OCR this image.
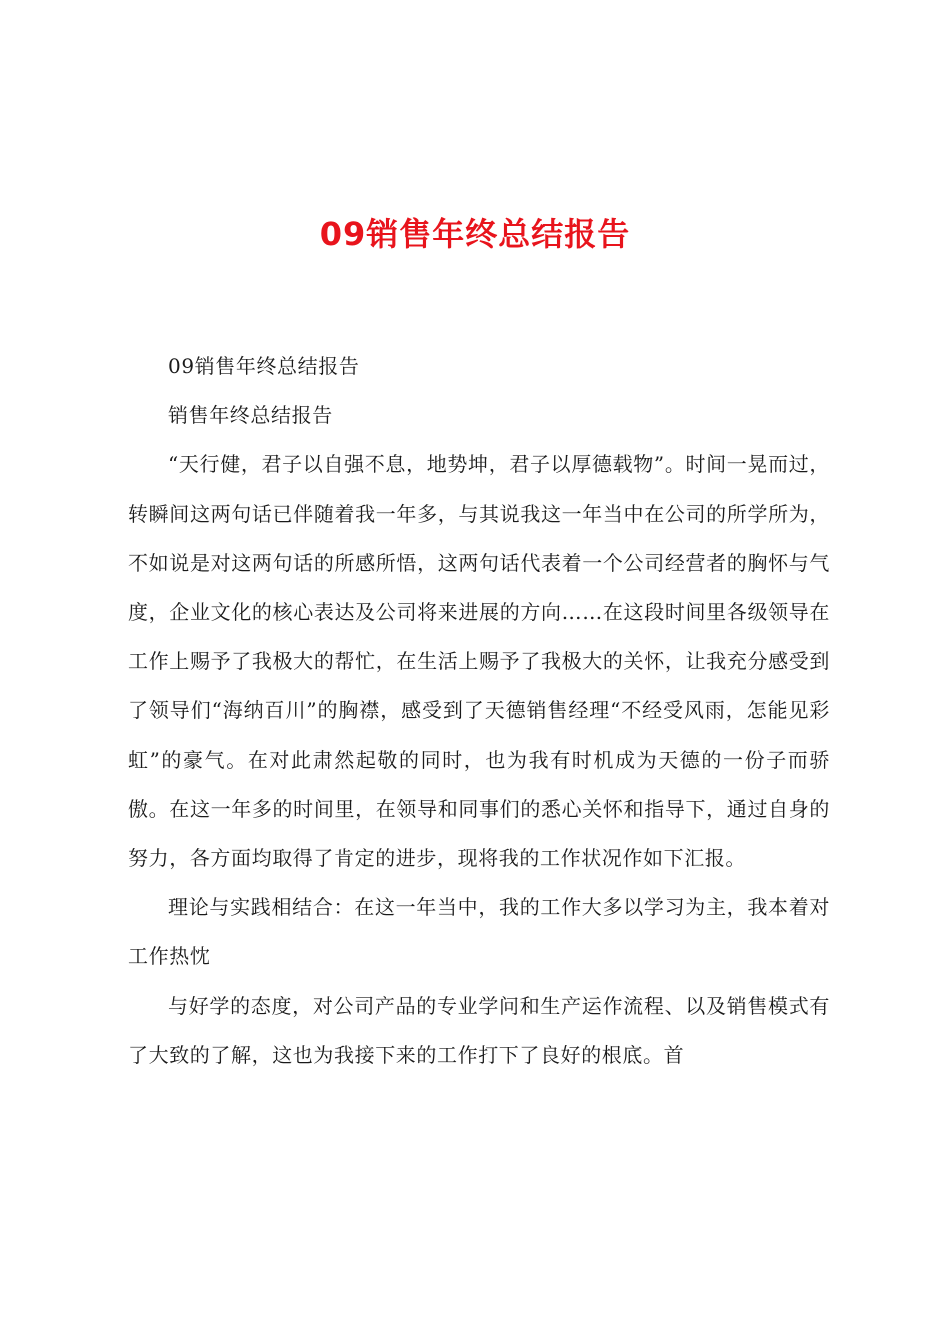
09销售年终总结报告

09销售年终总结报告

销售年终总结报告

“天行健，君子以自强不息，地势坤，君子以厚德载物”。时间一晃而过，转瞬间这两句话已伴随着我一年多，与其说我这一年当中在公司的所学所为，不如说是对这两句话的所感所悟，这两句话代表着一个公司经营者的胸怀与气度，企业文化的核心表达及公司将来进展的方向……在这段时间里各级领导在工作上赐予了我极大的帮忙，在生活上赐予了我极大的关怀，让我充分感受到了领导们“海纳百川”的胸襟，感受到了天德销售经理“不经受风雨，怎能见彩虹”的豪气。在对此肃然起敬的同时，也为我有时机成为天德的一份子而骄傲。在这一年多的时间里，在领导和同事们的悉心关怀和指导下，通过自身的努力，各方面均取得了肯定的进步，现将我的工作状况作如下汇报。

理论与实践相结合：在这一年当中，我的工作大多以学习为主，我本着对工作热忱

与好学的态度，对公司产品的专业学问和生产运作流程、以及销售模式有了大致的了解，这也为我接下来的工作打下了良好的根底。首
